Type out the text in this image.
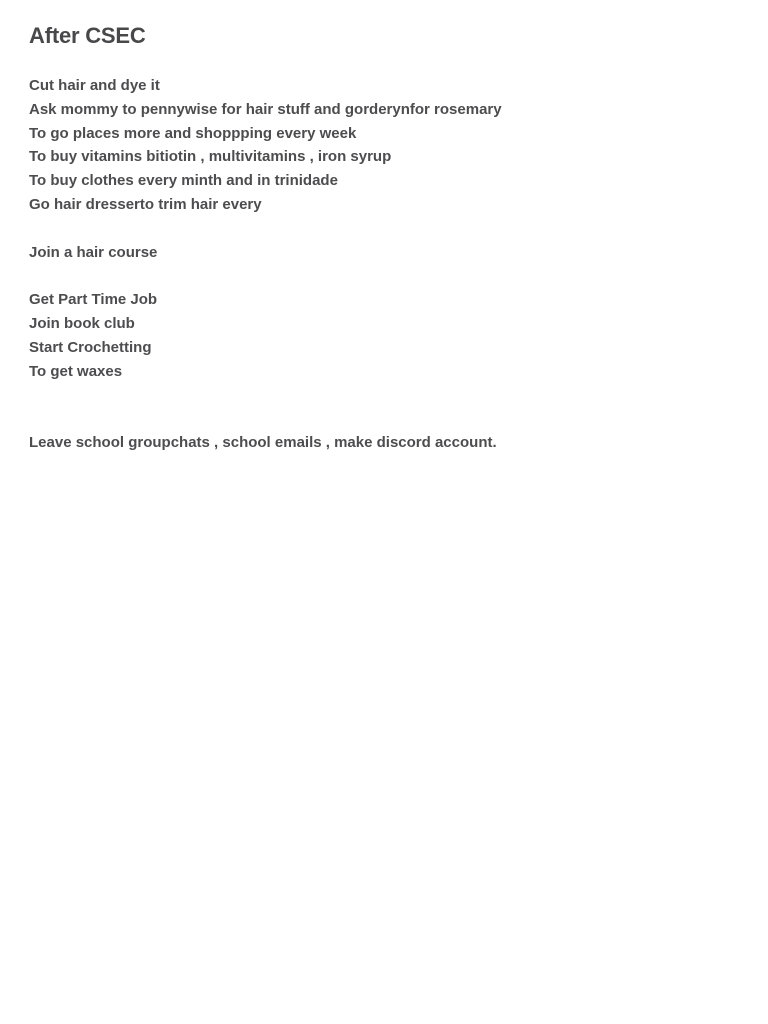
After CSEC
Cut hair and dye it
Ask mommy to pennywise for hair stuff and gorderynfor rosemary
To go places more and shoppping every week
To buy vitamins bitiotin , multivitamins , iron syrup
To buy clothes every minth and in trinidade
Go hair dresserto trim hair every
Join a hair course
Get Part Time Job
Join book club
Start Crochetting
To get waxes
Leave school groupchats , school emails , make discord account.
